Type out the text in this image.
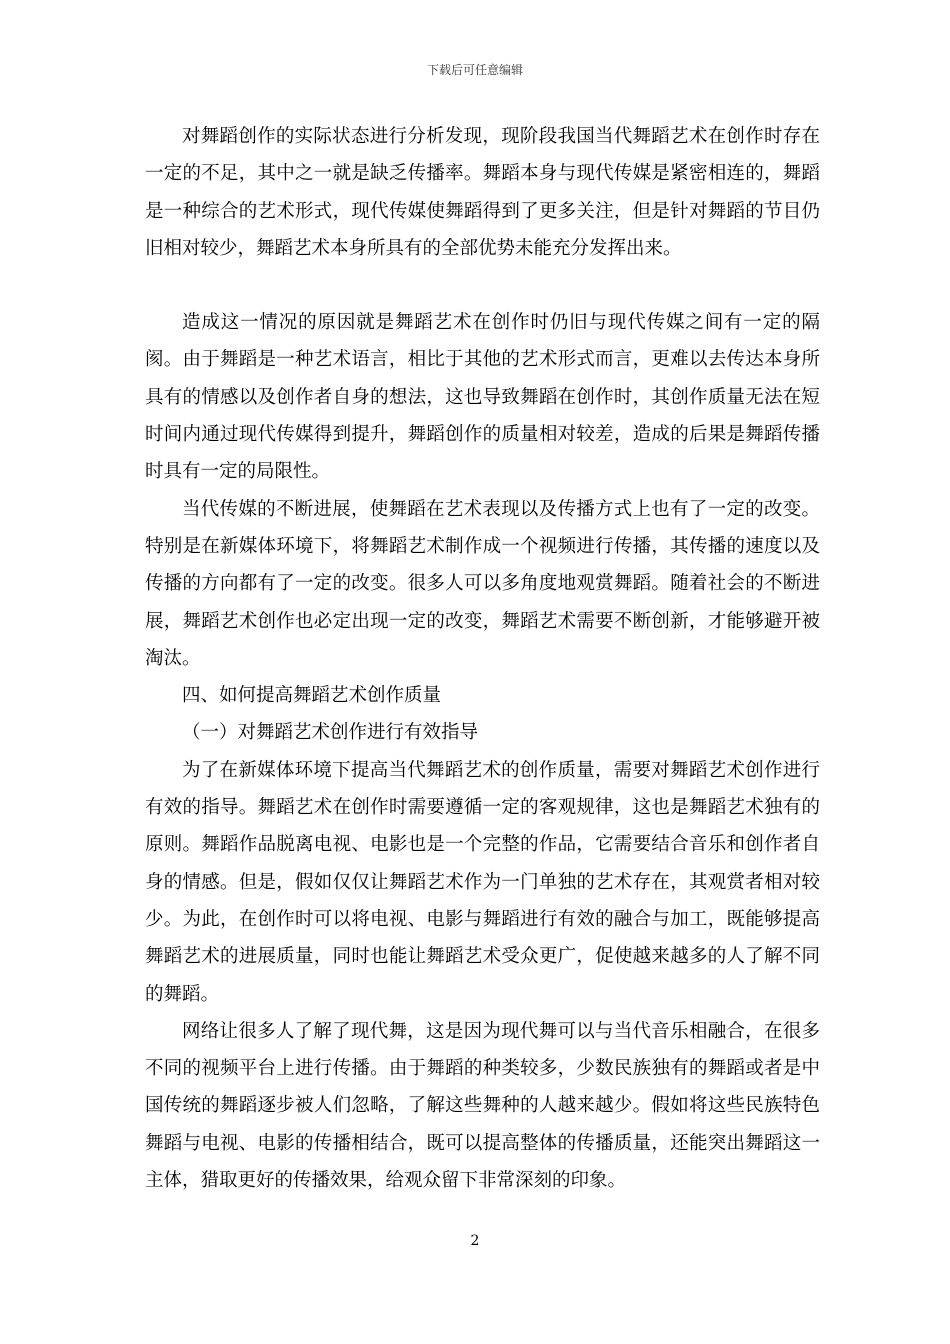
下载后可任意编辑

对舞蹈创作的实际状态进行分析发现，现阶段我国当代舞蹈艺术在创作时存在一定的不足，其中之一就是缺乏传播率。舞蹈本身与现代传媒是紧密相连的，舞蹈是一种综合的艺术形式，现代传媒使舞蹈得到了更多关注，但是针对舞蹈的节目仍旧相对较少，舞蹈艺术本身所具有的全部优势未能充分发挥出来。

造成这一情况的原因就是舞蹈艺术在创作时仍旧与现代传媒之间有一定的隔阂。由于舞蹈是一种艺术语言，相比于其他的艺术形式而言，更难以去传达本身所具有的情感以及创作者自身的想法，这也导致舞蹈在创作时，其创作质量无法在短时间内通过现代传媒得到提升，舞蹈创作的质量相对较差，造成的后果是舞蹈传播时具有一定的局限性。

当代传媒的不断进展，使舞蹈在艺术表现以及传播方式上也有了一定的改变。特别是在新媒体环境下，将舞蹈艺术制作成一个视频进行传播，其传播的速度以及传播的方向都有了一定的改变。很多人可以多角度地观赏舞蹈。随着社会的不断进展，舞蹈艺术创作也必定出现一定的改变，舞蹈艺术需要不断创新，才能够避开被淘汰。

四、如何提高舞蹈艺术创作质量

（一）对舞蹈艺术创作进行有效指导

为了在新媒体环境下提高当代舞蹈艺术的创作质量，需要对舞蹈艺术创作进行有效的指导。舞蹈艺术在创作时需要遵循一定的客观规律，这也是舞蹈艺术独有的原则。舞蹈作品脱离电视、电影也是一个完整的作品，它需要结合音乐和创作者自身的情感。但是，假如仅仅让舞蹈艺术作为一门单独的艺术存在，其观赏者相对较少。为此，在创作时可以将电视、电影与舞蹈进行有效的融合与加工，既能够提高舞蹈艺术的进展质量，同时也能让舞蹈艺术受众更广，促使越来越多的人了解不同的舞蹈。

网络让很多人了解了现代舞，这是因为现代舞可以与当代音乐相融合，在很多不同的视频平台上进行传播。由于舞蹈的种类较多，少数民族独有的舞蹈或者是中国传统的舞蹈逐步被人们忽略，了解这些舞种的人越来越少。假如将这些民族特色舞蹈与电视、电影的传播相结合，既可以提高整体的传播质量，还能突出舞蹈这一主体，猎取更好的传播效果，给观众留下非常深刻的印象。

2
